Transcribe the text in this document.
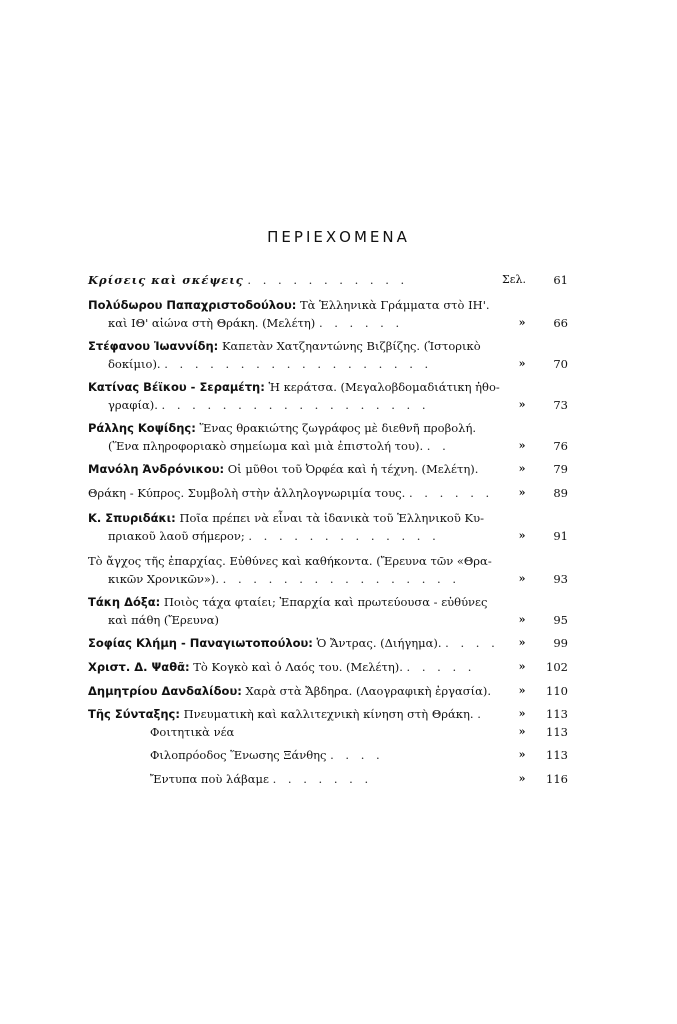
ΠΕΡΙΕΧΟΜΕΝΑ
Κρίσεις καὶ σκέψεις . . . . . . . . . . .	Σελ.	61
Πολύδωρου Παπαχριστοδούλου: Τὰ Ἑλληνικὰ Γράμματα στὸ ΙΗ'.
καὶ ΙΘ' αἰώνα στὴ Θράκη. (Μελέτη) . . . . . .	»	66
Στέφανου Ἰωαννίδη: Καπετὰν Χατζηαντώνης Βιζβίζης. (Ἱστορικὸ
δοκίμιο). . . . . . . . . . . . . . . . . . .	»	70
Κατίνας Βέϊκου - Σεραμέτη: Ἡ κεράτσα. (Μεγαλοβδομαδιάτικη ἠθο-
γραφία). . . . . . . . . . . . . . . . . . .	»	73
Ράλλης Κοψίδης: Ἕνας θρακιώτης ζωγράφος μὲ διεθνῆ προβολή.
(Ἕνα πληροφοριακὸ σημείωμα καὶ μιὰ ἐπιστολή του). . .	»	76
Μανόλη Ἀνδρόνικου: Οἱ μῦθοι τοῦ Ὀρφέα καὶ ἡ τέχνη. (Μελέτη).	»	79
Θράκη - Κύπρος. Συμβολὴ στὴν ἀλληλογνωριμία τους. . . . . . .	»	89
Κ. Σπυριδάκι: Ποῖα πρέπει νὰ εἶναι τὰ ἰδανικὰ τοῦ Ἑλληνικοῦ Κυ-
πριακοῦ λαοῦ σήμερον; . . . . . . . . . . . . .	»	91
Τὸ ἄγχος τῆς ἐπαρχίας. Εὐθύνες καὶ καθήκοντα. (Ἔρευνα τῶν «Θρα-
κικῶν Χρονικῶν»). . . . . . . . . . . . . . . . .	»	93
Τάκη Δόξα: Ποιὸς τάχα φταίει; Ἐπαρχία καὶ πρωτεύουσα - εὐθύνες
καὶ πάθη (Ἔρευνα)	»	95
Σοφίας Κλήμη - Παναγιωτοπούλου: Ὁ Ἄντρας. (Διήγημα). . . . .	»	99
Χριστ. Δ. Ψαθᾶ: Τὸ Κογκὸ καὶ ὁ Λαός του. (Μελέτη). . . . . .	»	102
Δημητρίου Δανδαλίδου: Χαρὰ στὰ Ἄβδηρα. (Λαογραφικὴ ἐργασία).	»	110
Τῆς Σύνταξης: Πνευματικὴ καὶ καλλιτεχνικὴ κίνηση στὴ Θράκη. .	»	113
Φοιτητικὰ νέα	»	113
Φιλοπρόοδος Ἕνωσης Ξάνθης . . . .	»	113
Ἔντυπα ποὺ λάβαμε . . . . . . .	»	116
